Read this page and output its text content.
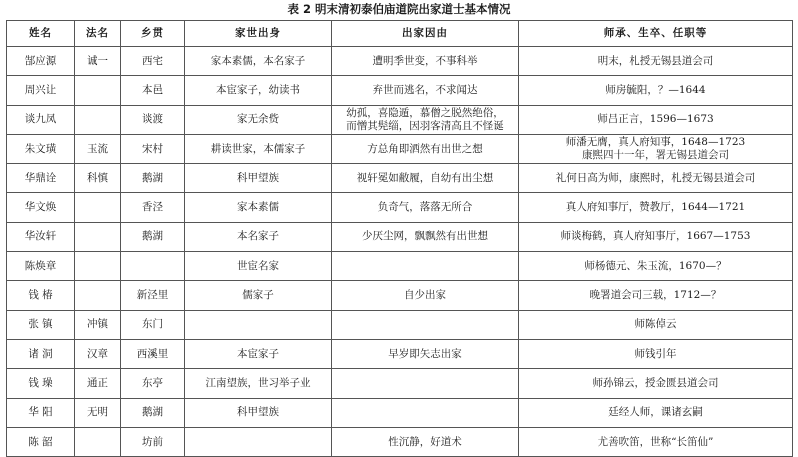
表 2 明末清初泰伯庙道院出家道士基本情况
姓名	法名	乡贯	家世出身	出家因由	师承、生卒、任职等
郜应源	诚一	西宅	家本素儒，本名家子	遭明季世变，不事科举	明末，札授无锡县道会司
周兴让		本邑	本宦家子，幼读书	弃世而逃名，不求闻达	师房毓阳，？—1644
谈九凤		谈渡	家无余赀	幼孤，喜隐遁，慕僧之脱然绝俗，
而憎其髡缁，因羽客清高且不怪诞	师吕正言，1596—1673
朱文璜	玉流	宋村	耕读世家，本儒家子	方总角即洒然有出世之想	师潘无膺，真人府知事，1648—1723
康熙四十一年，署无锡县道会司
华鼎诠	科慎	鹅湖	科甲望族	视轩冕如敝履，自幼有出尘想	礼何日高为师，康熙时，札授无锡县道会司
华文焕		香泾	家本素儒	负奇气，落落无所合	真人府知事厅，赞教厅，1644—1721
华汝轩		鹅湖	本名家子	少厌尘网，飘飘然有出世想	师谈梅鹤，真人府知事厅，1667—1753
陈焕章			世宦名家		师杨德元、朱玉流，1670—？
钱 椿		新泾里	儒家子	自少出家	晚署道会司三载，1712—？
张 镇	冲镇	东门			师陈倬云
诸 洞	汉章	西溪里	本宦家子	早岁即矢志出家	师钱引年
钱 璪	通正	东亭	江南望族，世习举子业		师孙锦云，授金匮县道会司
华 阳	无明	鹅湖	科甲望族		廷经人师，课诸玄嗣
陈 韶		坊前		性沉静，好道术	尤善吹笛，世称“长笛仙”
